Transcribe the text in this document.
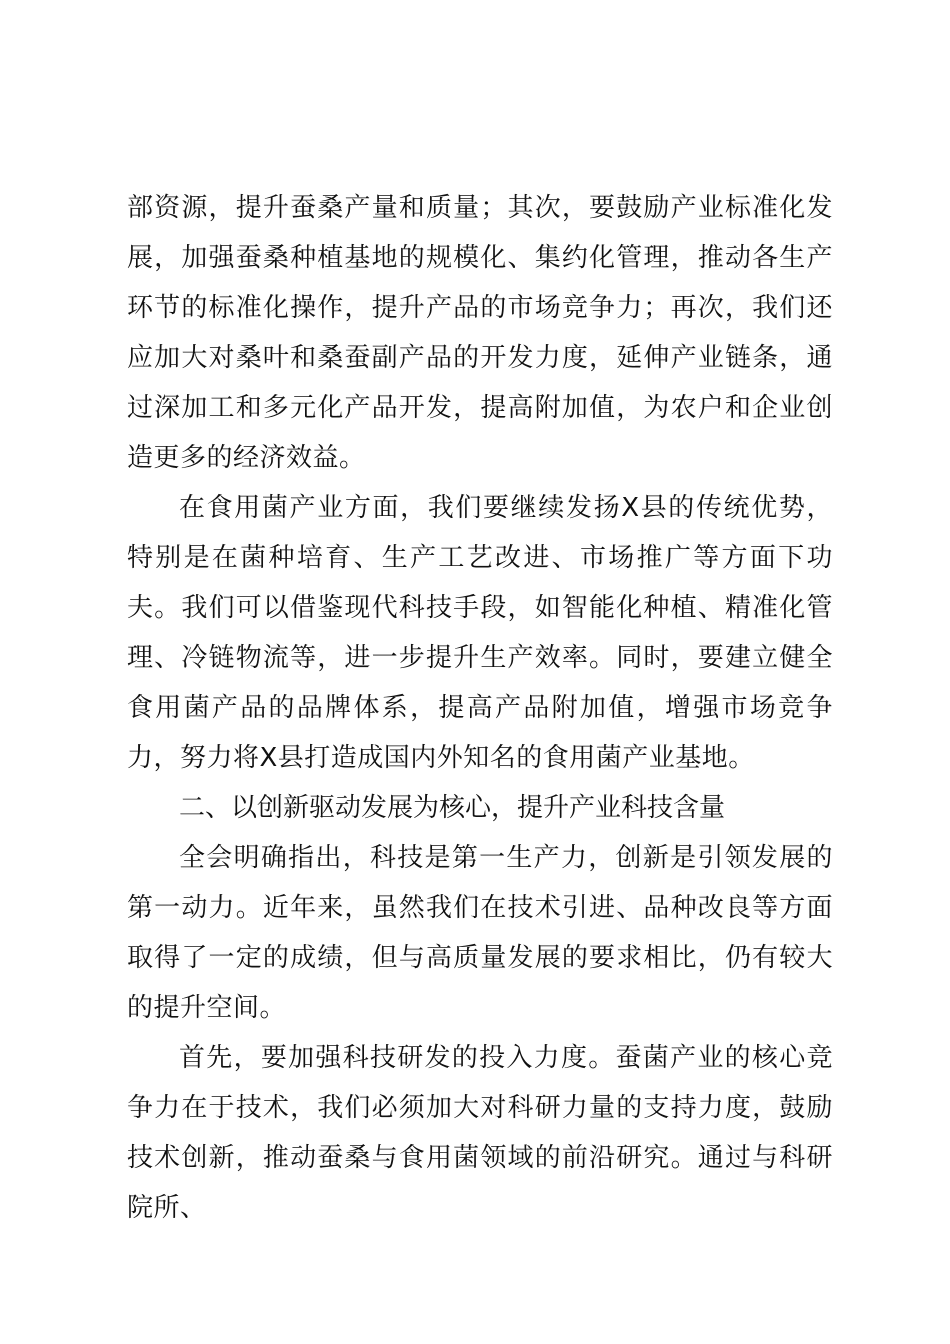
部资源，提升蚕桑产量和质量；其次，要鼓励产业标准化发展，加强蚕桑种植基地的规模化、集约化管理，推动各生产环节的标准化操作，提升产品的市场竞争力；再次，我们还应加大对桑叶和桑蚕副产品的开发力度，延伸产业链条，通过深加工和多元化产品开发，提高附加值，为农户和企业创造更多的经济效益。

在食用菌产业方面，我们要继续发扬X县的传统优势，特别是在菌种培育、生产工艺改进、市场推广等方面下功夫。我们可以借鉴现代科技手段，如智能化种植、精准化管理、冷链物流等，进一步提升生产效率。同时，要建立健全食用菌产品的品牌体系，提高产品附加值，增强市场竞争力，努力将X县打造成国内外知名的食用菌产业基地。

二、以创新驱动发展为核心，提升产业科技含量

全会明确指出，科技是第一生产力，创新是引领发展的第一动力。近年来，虽然我们在技术引进、品种改良等方面取得了一定的成绩，但与高质量发展的要求相比，仍有较大的提升空间。

首先，要加强科技研发的投入力度。蚕菌产业的核心竞争力在于技术，我们必须加大对科研力量的支持力度，鼓励技术创新，推动蚕桑与食用菌领域的前沿研究。通过与科研院所、
